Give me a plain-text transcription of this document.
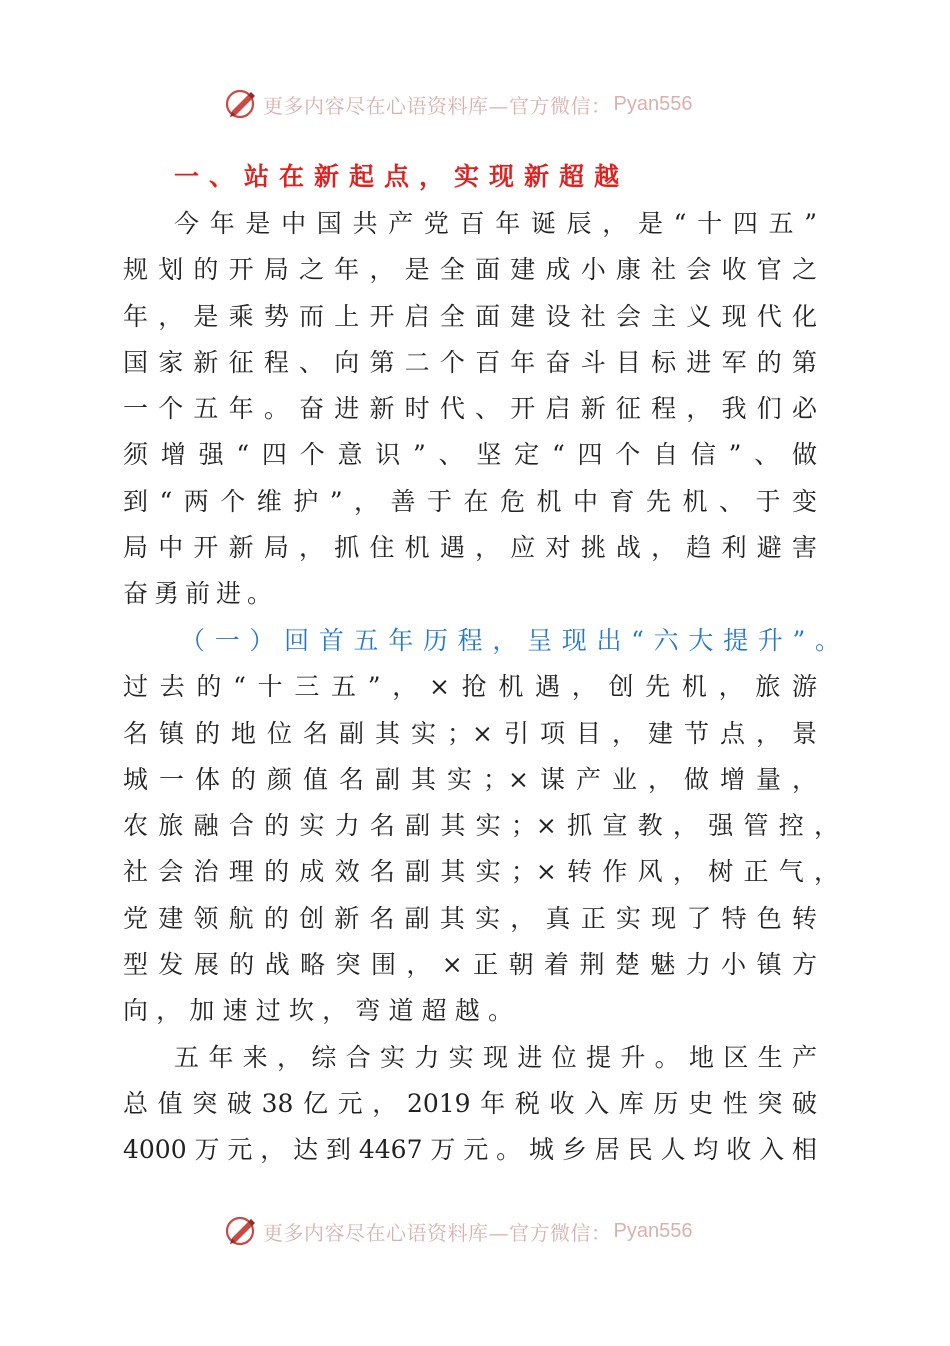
更多内容尽在心语资料库—官方微信： Pyan556
一、站在新起点，实现新超越

今年是中国共产党百年诞辰，是“十四五”

规划的开局之年，是全面建成小康社会收官之

年，是乘势而上开启全面建设社会主义现代化

国家新征程、向第二个百年奋斗目标进军的第

一个五年。奋进新时代、开启新征程，我们必

须增强“四个意识”、坚定“四个自信”、做

到“两个维护”，善于在危机中育先机、于变

局中开新局，抓住机遇，应对挑战，趋利避害

奋勇前进。

（一）回首五年历程，呈现出“六大提升”。

过去的“十三五”，×抢机遇，创先机，旅游

名镇的地位名副其实；×引项目，建节点，景

城一体的颜值名副其实；×谋产业，做增量，

农旅融合的实力名副其实；×抓宣教，强管控，

社会治理的成效名副其实；×转作风，树正气，

党建领航的创新名副其实，真正实现了特色转

型发展的战略突围，×正朝着荆楚魅力小镇方

向，加速过坎，弯道超越。

五年来，综合实力实现进位提升。地区生产

总值突破38亿元，2019年税收入库历史性突破

4000万元，达到4467万元。城乡居民人均收入相

更多内容尽在心语资料库—官方微信： Pyan556
